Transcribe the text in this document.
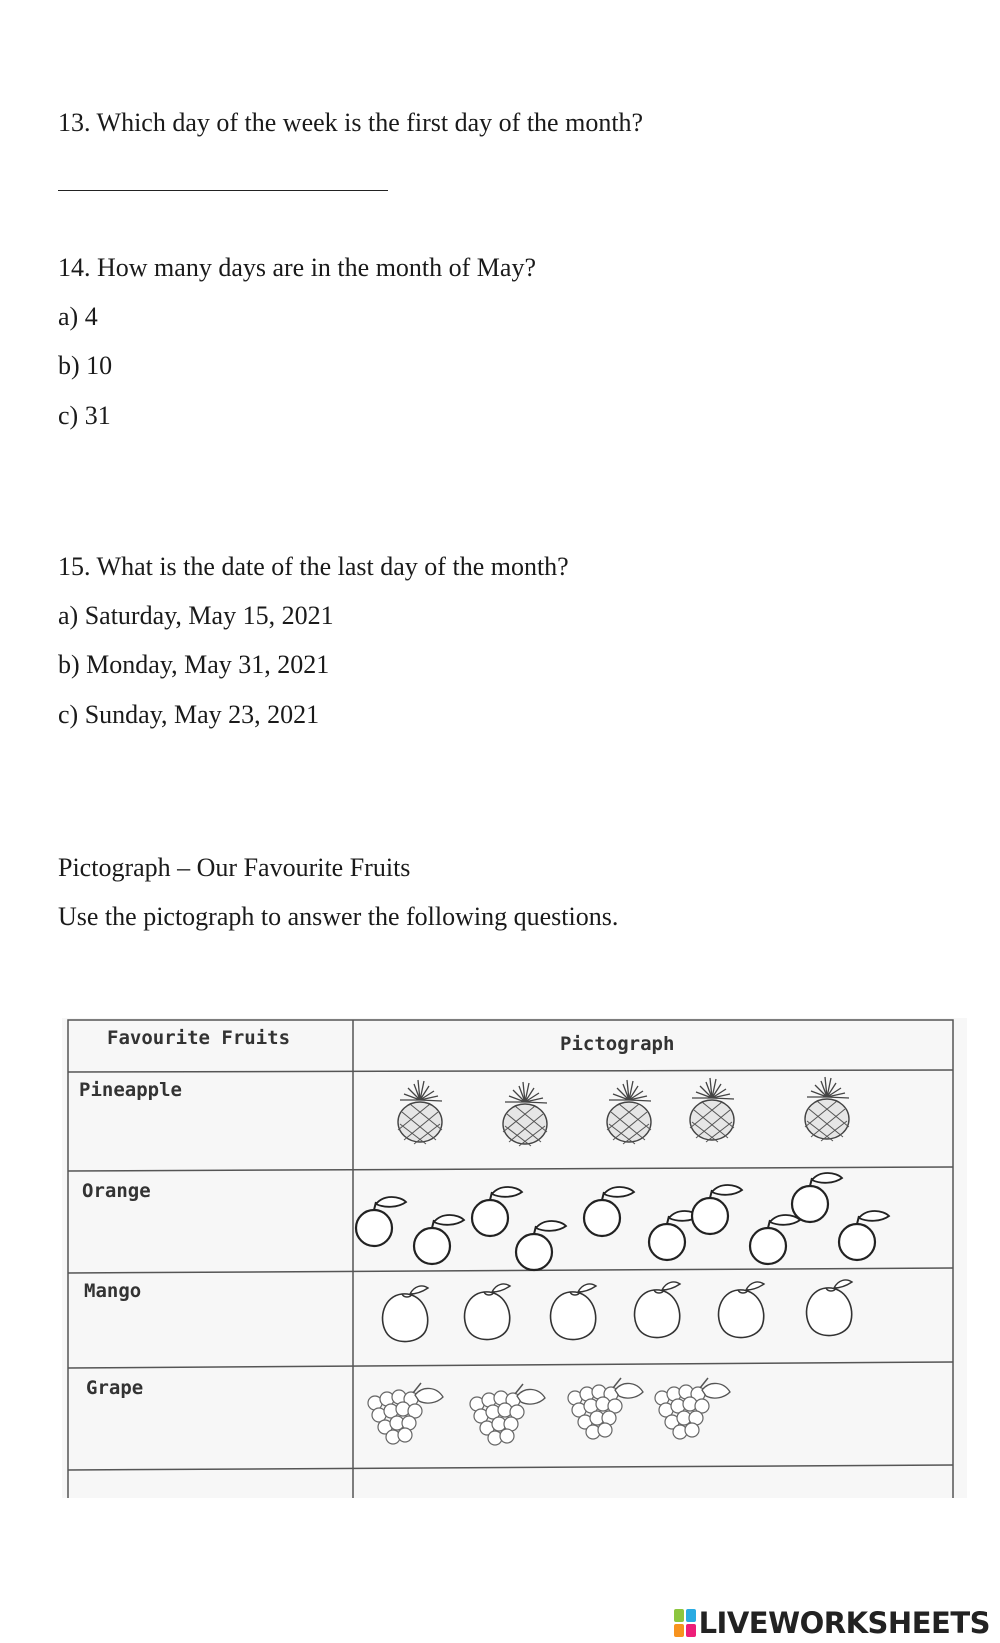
13. Which day of the week is the first day of the month?
14. How many days are in the month of May?
a) 4
b) 10
c) 31
15. What is the date of the last day of the month?
a) Saturday, May 15, 2021
b) Monday, May 31, 2021
c) Sunday, May 23, 2021
Pictograph – Our Favourite Fruits
Use the pictograph to answer the following questions.
Favourite Fruits	Pictograph
Pineapple
Orange
Mango
Grape
LIVEWORKSHEETS
